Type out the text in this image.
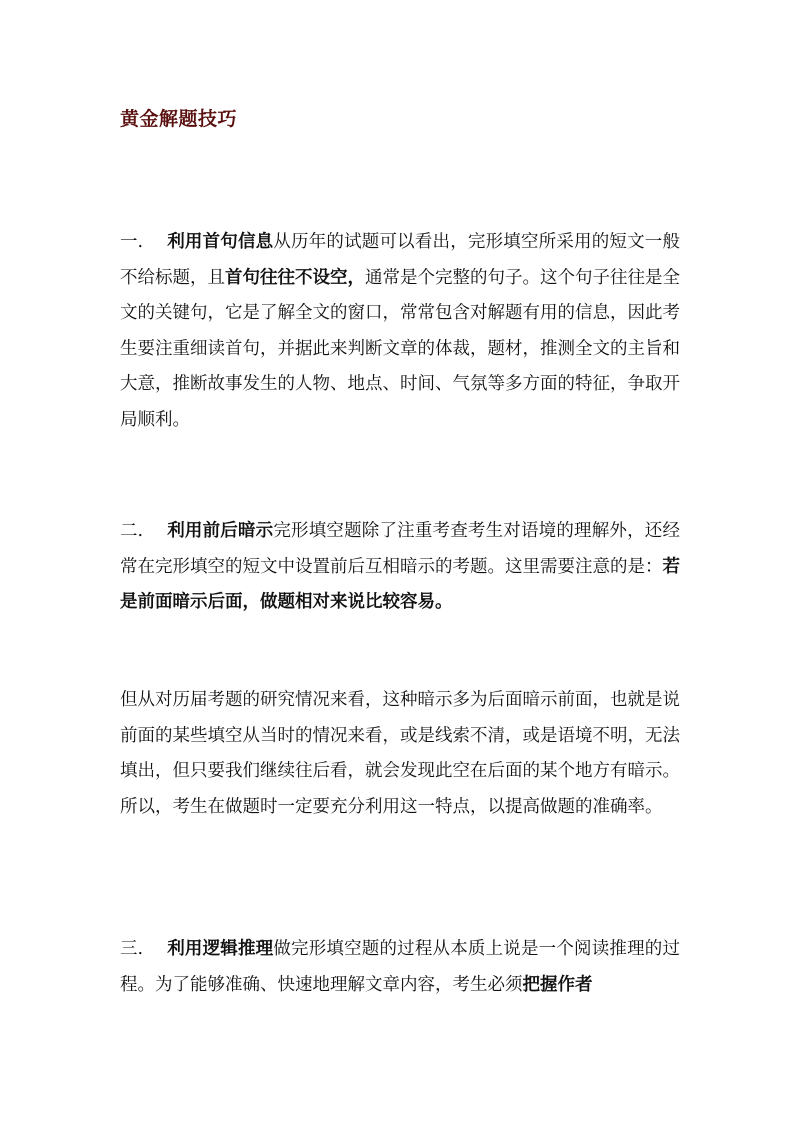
黄金解题技巧

一. 利用首句信息从历年的试题可以看出，完形填空所采用的短文一般不给标题，且首句往往不设空，通常是个完整的句子。这个句子往往是全文的关键句，它是了解全文的窗口，常常包含对解题有用的信息，因此考生要注重细读首句，并据此来判断文章的体裁，题材，推测全文的主旨和大意，推断故事发生的人物、地点、时间、气氛等多方面的特征，争取开局顺利。

二. 利用前后暗示完形填空题除了注重考查考生对语境的理解外，还经常在完形填空的短文中设置前后互相暗示的考题。这里需要注意的是：若是前面暗示后面，做题相对来说比较容易。

但从对历届考题的研究情况来看，这种暗示多为后面暗示前面，也就是说前面的某些填空从当时的情况来看，或是线索不清，或是语境不明，无法填出，但只要我们继续往后看，就会发现此空在后面的某个地方有暗示。所以，考生在做题时一定要充分利用这一特点，以提高做题的准确率。

三. 利用逻辑推理做完形填空题的过程从本质上说是一个阅读推理的过程。为了能够准确、快速地理解文章内容，考生必须把握作者
